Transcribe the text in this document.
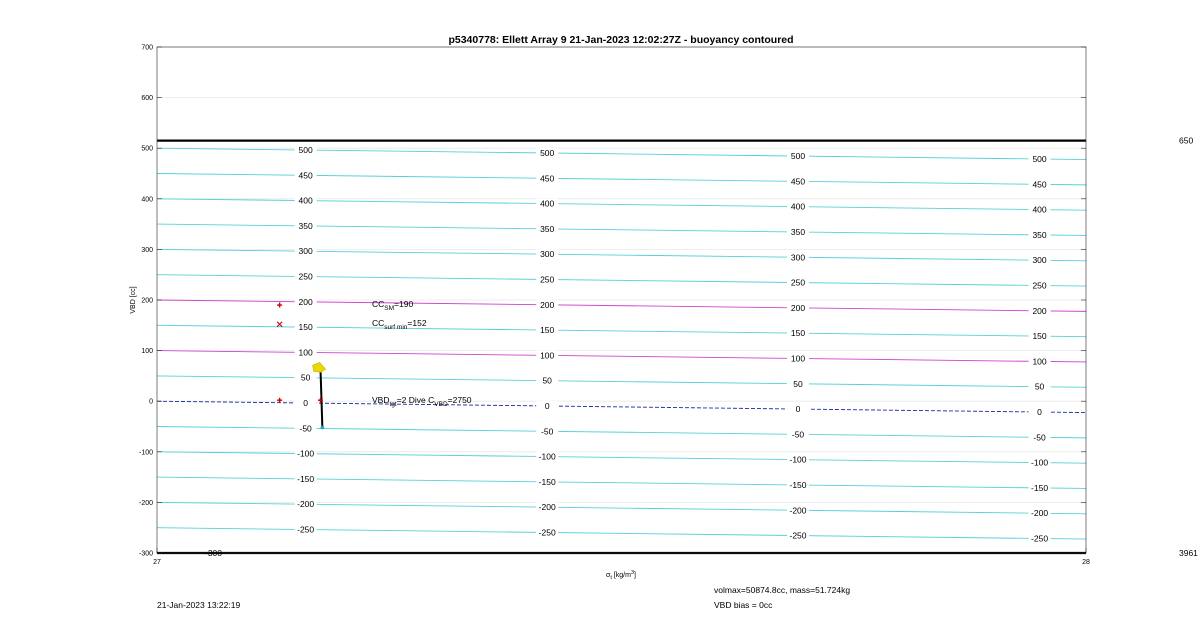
-250	-250	-250	-250
-200	-200	-200	-200
-150	-150	-150	-150
-100	-100	-100	-100
-50	-50	-50	-50
0	0	0	0
50	50	50	50
100	100	100	100
150	150	150	150
200	200	200	200
250	250	250	250
300	300	300	300
350	350	350	350
400	400	400	400
450	450	450	450
500	500	500	500
650
3961
-300
-200
-100
0
100
200
300
400
500
600
700
27	28
p5340778: Ellett Array 9 21-Jan-2023 12:02:27Z - buoyancy contoured
VBD [cc]
$\sigma_t$ $[kg/m^3]$
$CC_{SM}=190$
$CC_{surf min}=152$
$VBD_{tgt}=2$ Dive $C_{VBD}=2750$
-300
21-Jan-2023 13:22:19
volmax=50874.8cc, mass=51.724kg
VBD bias = 0cc
